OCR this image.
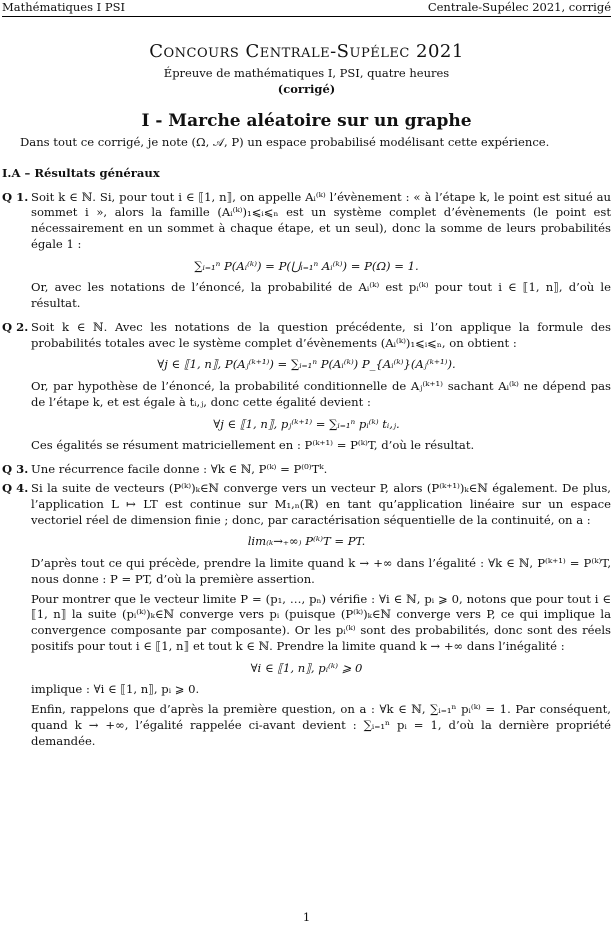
Mathématiques I PSI	Centrale-Supélec 2021, corrigé
Concours Centrale-Supélec 2021
Épreuve de mathématiques I, PSI, quatre heures
(corrigé)
I - Marche aléatoire sur un graphe

Dans tout ce corrigé, je note (Ω, 𝒜, P) un espace probabilisé modélisant cette expérience.

I.A – Résultats généraux
Q 1. Soit k ∈ ℕ. Si, pour tout i ∈ ⟦1, n⟧, on appelle Aᵢ⁽ᵏ⁾ l’évènement : « à l’étape k, le point est situé au sommet i », alors la famille (Aᵢ⁽ᵏ⁾)₁⩽ᵢ⩽ₙ est un système complet d’évènements (le point est nécessairement en un sommet à chaque étape, et un seul), donc la somme de leurs probabilités égale 1 :
∑ᵢ₌₁ⁿ P(Aᵢ⁽ᵏ⁾) = P(⋃ᵢ₌₁ⁿ Aᵢ⁽ᵏ⁾) = P(Ω) = 1.

Or, avec les notations de l’énoncé, la probabilité de Aᵢ⁽ᵏ⁾ est pᵢ⁽ᵏ⁾ pour tout i ∈ ⟦1, n⟧, d’où le résultat.

Q 2. Soit k ∈ ℕ. Avec les notations de la question précédente, si l’on applique la formule des probabilités totales avec le système complet d’évènements (Aᵢ⁽ᵏ⁾)₁⩽ᵢ⩽ₙ, on obtient :
∀j ∈ ⟦1, n⟧, P(Aⱼ⁽ᵏ⁺¹⁾) = ∑ᵢ₌₁ⁿ P(Aᵢ⁽ᵏ⁾) P_{Aᵢ⁽ᵏ⁾}(Aⱼ⁽ᵏ⁺¹⁾).

Or, par hypothèse de l’énoncé, la probabilité conditionnelle de Aⱼ⁽ᵏ⁺¹⁾ sachant Aᵢ⁽ᵏ⁾ ne dépend pas de l’étape k, et est égale à tᵢ,ⱼ, donc cette égalité devient :

∀j ∈ ⟦1, n⟧, pⱼ⁽ᵏ⁺¹⁾ = ∑ᵢ₌₁ⁿ pᵢ⁽ᵏ⁾ tᵢ,ⱼ.

Ces égalités se résument matriciellement en : P⁽ᵏ⁺¹⁾ = P⁽ᵏ⁾T, d’où le résultat.

Q 3. Une récurrence facile donne : ∀k ∈ ℕ, P⁽ᵏ⁾ = P⁽⁰⁾Tᵏ.
Q 4. Si la suite de vecteurs (P⁽ᵏ⁾)ₖ∈ℕ converge vers un vecteur P, alors (P⁽ᵏ⁺¹⁾)ₖ∈ℕ également. De plus, l’application L ↦ LT est continue sur M₁,ₙ(ℝ) en tant qu’application linéaire sur un espace vectoriel réel de dimension finie ; donc, par caractérisation séquentielle de la continuité, on a :
lim₍ₖ→₊∞₎ P⁽ᵏ⁾T = PT.

D’après tout ce qui précède, prendre la limite quand k → +∞ dans l’égalité : ∀k ∈ ℕ, P⁽ᵏ⁺¹⁾ = P⁽ᵏ⁾T, nous donne : P = PT, d’où la première assertion.

Pour montrer que le vecteur limite P = (p₁, …, pₙ) vérifie : ∀i ∈ ℕ, pᵢ ⩾ 0, notons que pour tout i ∈ ⟦1, n⟧ la suite (pᵢ⁽ᵏ⁾)ₖ∈ℕ converge vers pᵢ (puisque (P⁽ᵏ⁾)ₖ∈ℕ converge vers P, ce qui implique la convergence composante par composante). Or les pᵢ⁽ᵏ⁾ sont des probabilités, donc sont des réels positifs pour tout i ∈ ⟦1, n⟧ et tout k ∈ ℕ. Prendre la limite quand k → +∞ dans l’inégalité :

∀i ∈ ⟦1, n⟧, pᵢ⁽ᵏ⁾ ⩾ 0

implique : ∀i ∈ ⟦1, n⟧, pᵢ ⩾ 0.

Enfin, rappelons que d’après la première question, on a : ∀k ∈ ℕ, ∑ᵢ₌₁ⁿ pᵢ⁽ᵏ⁾ = 1. Par conséquent, quand k → +∞, l’égalité rappelée ci-avant devient : ∑ᵢ₌₁ⁿ pᵢ = 1, d’où la dernière propriété demandée.

1
